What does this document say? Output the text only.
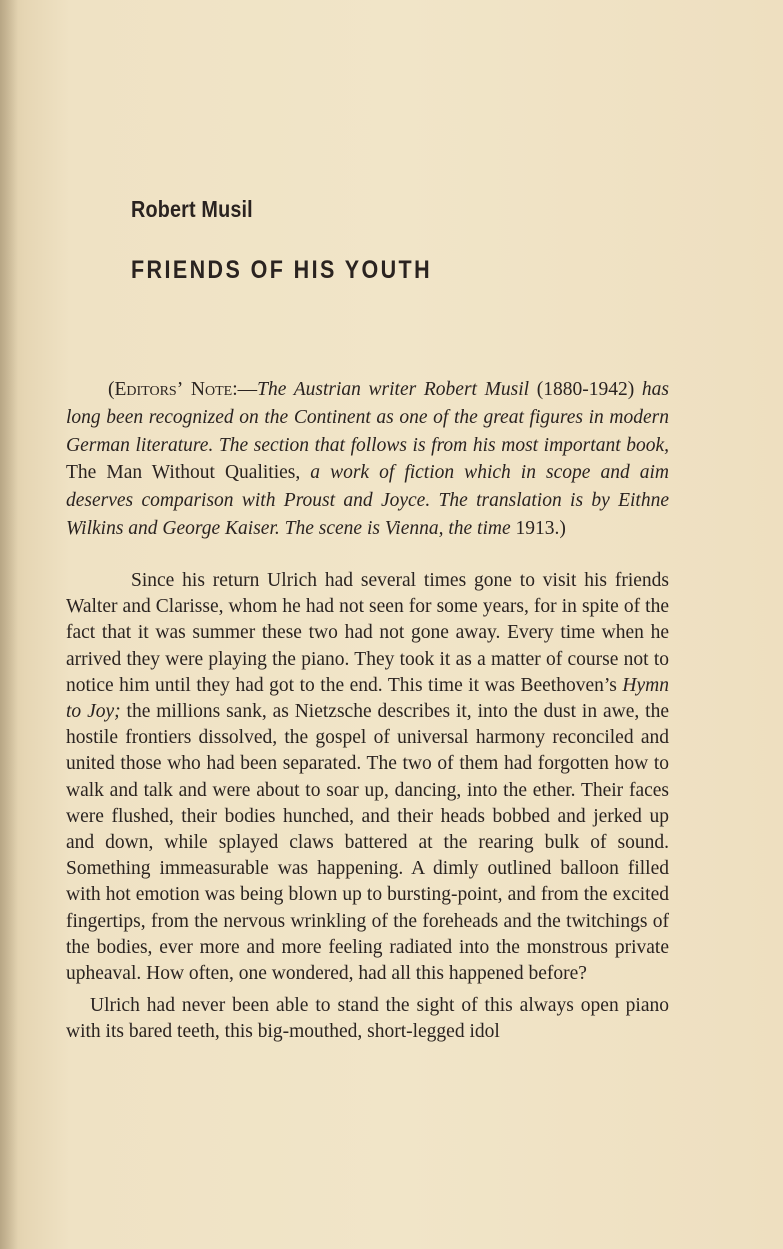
Robert Musil
FRIENDS OF HIS YOUTH
(Editors’ Note:—The Austrian writer Robert Musil (1880-1942) has long been recognized on the Continent as one of the great figures in modern German literature. The section that follows is from his most important book, The Man Without Qualities, a work of fiction which in scope and aim deserves comparison with Proust and Joyce. The translation is by Eithne Wilkins and George Kaiser. The scene is Vienna, the time 1913.)

Since his return Ulrich had several times gone to visit his friends Walter and Clarisse, whom he had not seen for some years, for in spite of the fact that it was summer these two had not gone away. Every time when he arrived they were playing the piano. They took it as a matter of course not to notice him until they had got to the end. This time it was Beethoven’s Hymn to Joy; the millions sank, as Nietzsche describes it, into the dust in awe, the hostile frontiers dissolved, the gospel of universal harmony reconciled and united those who had been separated. The two of them had forgotten how to walk and talk and were about to soar up, dancing, into the ether. Their faces were flushed, their bodies hunched, and their heads bobbed and jerked up and down, while splayed claws battered at the rearing bulk of sound. Something immeasurable was happening. A dimly outlined balloon filled with hot emotion was being blown up to bursting-point, and from the excited fingertips, from the nervous wrinkling of the foreheads and the twitchings of the bodies, ever more and more feeling radiated into the monstrous private upheaval. How often, one wondered, had all this happened before?

Ulrich had never been able to stand the sight of this always open piano with its bared teeth, this big-mouthed, short-legged idol
